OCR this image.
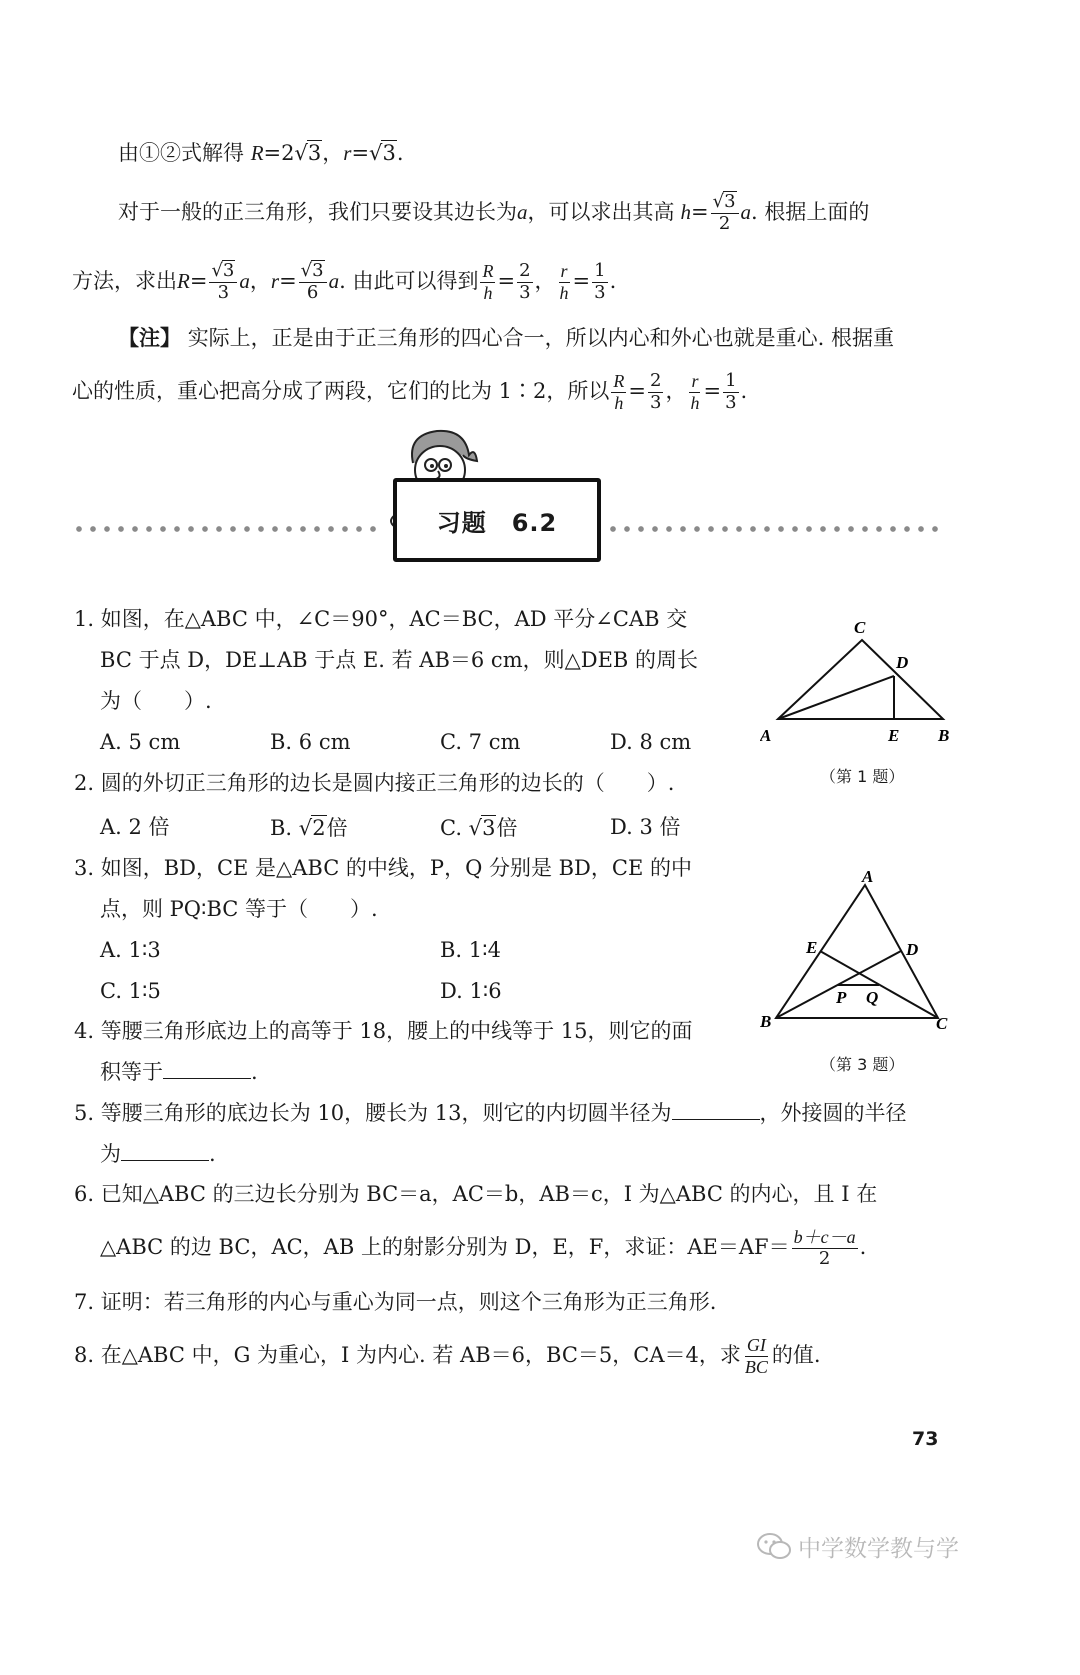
由①②式解得 R=2√3，r=√3.
对于一般的正三角形，我们只要设其边长为 a ，可以求出其高 $h = \frac{√3}{2}$ a . 根据上面的
方法，求出 $R = \frac{√3}{3}$ a ， $r = \frac{√3}{6}$ a . 由此可以得到 $\frac{R}{h} = \frac{2}{3}$ ， $\frac{r}{h} = \frac{1}{3}$ .
【注】 实际上，正是由于正三角形的四心合一，所以内心和外心也就是重心. 根据重
心的性质，重心把高分成了两段，它们的比为 1∶2，所以 $\frac{R}{h} = \frac{2}{3}$ ， $\frac{r}{h} = \frac{1}{3}$ .
习题　6.2
1. 如图，在△ABC 中，∠C＝90°，AC＝BC，AD 平分∠CAB 交
BC 于点 D，DE⊥AB 于点 E. 若 AB＝6 cm，则△DEB 的周长
为（　　）.
A. 5 cm	B. 6 cm	C. 7 cm	D. 8 cm
2. 圆的外切正三角形的边长是圆内接正三角形的边长的（　　）.
A. 2 倍	B. √2倍	C. √3倍	D. 3 倍
3. 如图，BD，CE 是△ABC 的中线，P，Q 分别是 BD，CE 的中
点，则 PQ∶BC 等于（　　）.
A. 1∶3	B. 1∶4
C. 1∶5	D. 1∶6
4. 等腰三角形底边上的高等于 18，腰上的中线等于 15，则它的面
积等于	.
5. 等腰三角形的底边长为 10，腰长为 13，则它的内切圆半径为	，外接圆的半径
为	.
6. 已知△ABC 的三边长分别为 BC＝a，AC＝b，AB＝c，I 为△ABC 的内心，且 I 在
△ABC 的边 BC，AC，AB 上的射影分别为 D，E，F，求证：$AE=AF= \frac{b+c-a}{2}$ .
7. 证明：若三角形的内心与重心为同一点，则这个三角形为正三角形.
8. 在△ABC 中，G 为重心，I 为内心. 若 AB＝6，BC＝5，CA＝4，求 $\frac{GI}{BC}$ 的值.
A
C
D
E B
（第 1 题）
A
E	D
P Q
B	C
（第 3 题）
73
中学数学教与学
